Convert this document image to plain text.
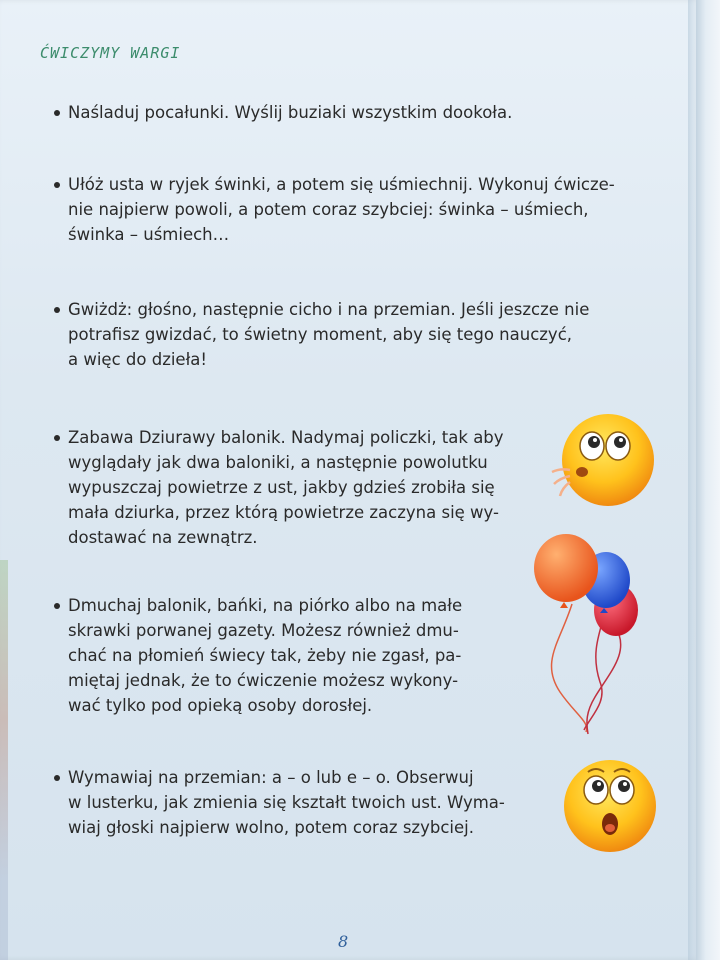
ĆWICZYMY WARGI
Naśladuj pocałunki. Wyślij buziaki wszystkim dookoła.
Ułóż usta w ryjek świnki, a potem się uśmiechnij. Wykonuj ćwicze-
nie najpierw powoli, a potem coraz szybciej: świnka – uśmiech,
świnka – uśmiech…
Gwiżdż: głośno, następnie cicho i na przemian. Jeśli jeszcze nie
potrafisz gwizdać, to świetny moment, aby się tego nauczyć,
a więc do dzieła!
Zabawa Dziurawy balonik. Nadymaj policzki, tak aby
wyglądały jak dwa baloniki, a następnie powolutku
wypuszczaj powietrze z ust, jakby gdzieś zrobiła się
mała dziurka, przez którą powietrze zaczyna się wy-
dostawać na zewnątrz.
Dmuchaj balonik, bańki, na piórko albo na małe
skrawki porwanej gazety. Możesz również dmu-
chać na płomień świecy tak, żeby nie zgasł, pa-
miętaj jednak, że to ćwiczenie możesz wykony-
wać tylko pod opieką osoby dorosłej.
Wymawiaj na przemian: a – o lub e – o. Obserwuj
w lusterku, jak zmienia się kształt twoich ust. Wyma-
wiaj głoski najpierw wolno, potem coraz szybciej.
8
